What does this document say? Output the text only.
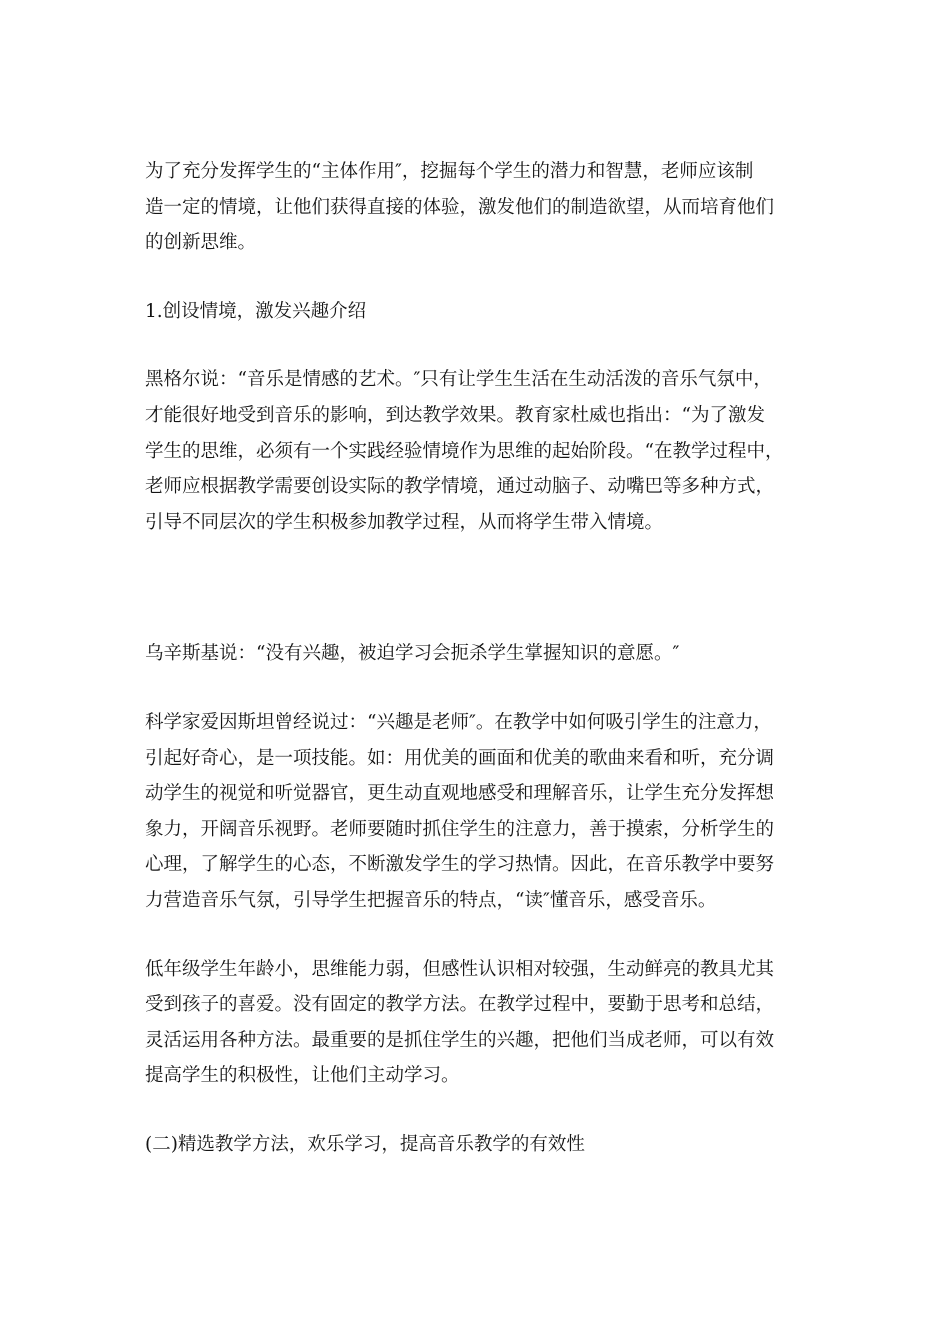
为了充分发挥学生的“主体作用″，挖掘每个学生的潜力和智慧，老师应该制
造一定的情境，让他们获得直接的体验，激发他们的制造欲望，从而培育他们
的创新思维。

1.创设情境，激发兴趣介绍

黑格尔说：“音乐是情感的艺术。″只有让学生生活在生动活泼的音乐气氛中，
才能很好地受到音乐的影响，到达教学效果。教育家杜威也指出：“为了激发
学生的思维，必须有一个实践经验情境作为思维的起始阶段。“在教学过程中，
老师应根据教学需要创设实际的教学情境，通过动脑子、动嘴巴等多种方式，
引导不同层次的学生积极参加教学过程，从而将学生带入情境。

乌辛斯基说：“没有兴趣，被迫学习会扼杀学生掌握知识的意愿。″

科学家爱因斯坦曾经说过：“兴趣是老师″。在教学中如何吸引学生的注意力，
引起好奇心，是一项技能。如：用优美的画面和优美的歌曲来看和听，充分调
动学生的视觉和听觉器官，更生动直观地感受和理解音乐，让学生充分发挥想
象力，开阔音乐视野。老师要随时抓住学生的注意力，善于摸索，分析学生的
心理，了解学生的心态，不断激发学生的学习热情。因此，在音乐教学中要努
力营造音乐气氛，引导学生把握音乐的特点，“读″懂音乐，感受音乐。

低年级学生年龄小，思维能力弱，但感性认识相对较强，生动鲜亮的教具尤其
受到孩子的喜爱。没有固定的教学方法。在教学过程中，要勤于思考和总结，
灵活运用各种方法。最重要的是抓住学生的兴趣，把他们当成老师，可以有效
提高学生的积极性，让他们主动学习。

(二)精选教学方法，欢乐学习，提高音乐教学的有效性
